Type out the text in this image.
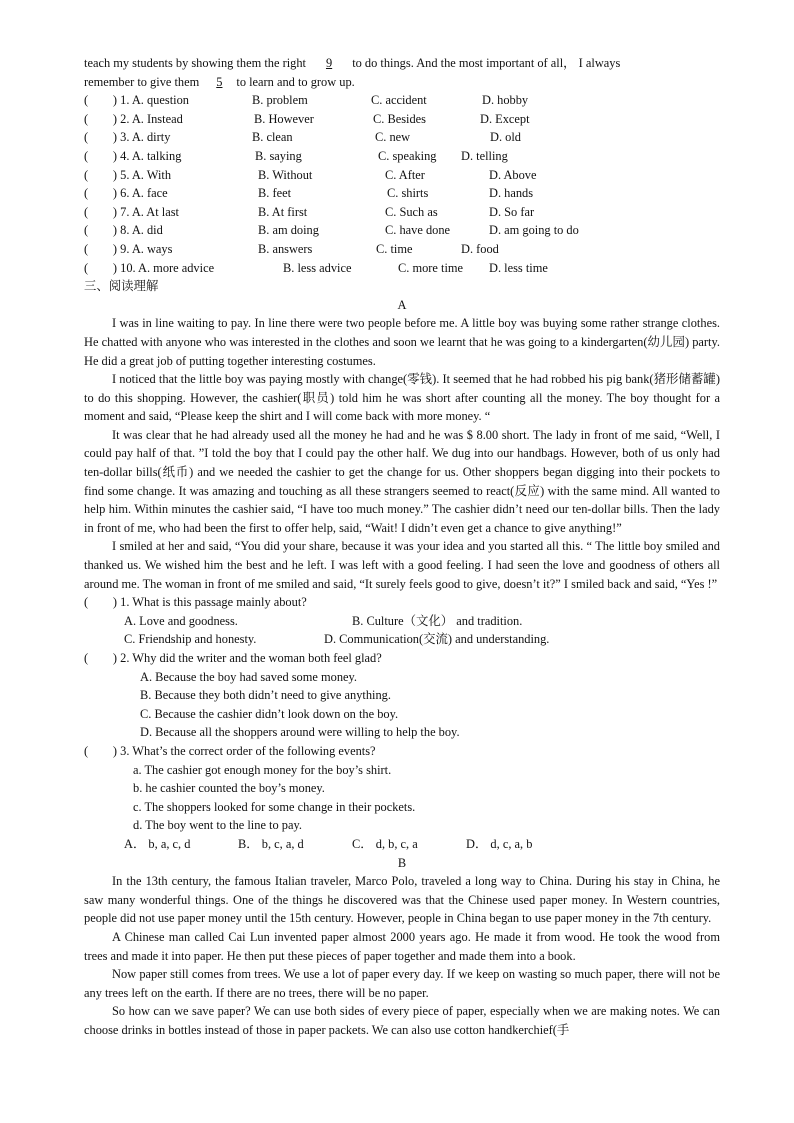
teach my students by showing them the right 9 to do things. And the most important of all， I always
remember to give them 5 to learn and to grow up.
(　　) 1. A. question	B. problem	C. accident	D. hobby
(　　) 2. A. Instead	B. However	C. Besides	D. Except
(　　) 3. A. dirty	B. clean	C. new	D. old
(　　) 4. A. talking	B. saying	C. speaking D. telling
(　　) 5. A. With	B. Without	C. After	D. Above
(　　) 6. A. face	B. feet	C. shirts	D. hands
(　　) 7. A. At last	B. At first	C. Such as	D. So far
(　　) 8. A. did	B. am doing	C. have done	D. am going to do
(　　) 9. A. ways	B. answers	C. time	D. food
(　　) 10. A. more advice	B. less advice	C. more time D. less time
三、阅读理解
A
I was in line waiting to pay. In line there were two people before me. A little boy was buying some rather strange clothes. He chatted with anyone who was interested in the clothes and soon we learnt that he was going to a kindergarten(幼儿园) party. He did a great job of putting together interesting costumes.
I noticed that the little boy was paying mostly with change(零钱). It seemed that he had robbed his pig bank(猪形储蓄罐) to do this shopping. However, the cashier(职员) told him he was short after counting all the money. The boy thought for a moment and said, “Please keep the shirt and I will come back with more money. “
It was clear that he had already used all the money he had and he was $ 8.00 short. The lady in front of me said, “Well, I could pay half of that. ”I told the boy that I could pay the other half. We dug into our handbags. However, both of us only had ten-dollar bills(纸币) and we needed the cashier to get the change for us. Other shoppers began digging into their pockets to find some change. It was amazing and touching as all these strangers seemed to react(反应) with the same mind. All wanted to help him. Within minutes the cashier said, “I have too much money.” The cashier didn’t need our ten-dollar bills. Then the lady in front of me, who had been the first to offer help, said, “Wait! I didn’t even get a chance to give anything!”
I smiled at her and said, “You did your share, because it was your idea and you started all this. “ The little boy smiled and thanked us. We wished him the best and he left. I was left with a good feeling. I had seen the love and goodness of others all around me. The woman in front of me smiled and said, “It surely feels good to give, doesn’t it?” I smiled back and said, “Yes !”
(　　) 1. What is this passage mainly about?
A. Love and goodness.	B. Culture（文化） and tradition.
C. Friendship and honesty.	D. Communication(交流) and understanding.
(　　) 2. Why did the writer and the woman both feel glad?
A. Because the boy had saved some money.
B. Because they both didn’t need to give anything.
C. Because the cashier didn’t look down on the boy.
D. Because all the shoppers around were willing to help the boy.
(　　) 3. What’s the correct order of the following events?
a. The cashier got enough money for the boy’s shirt.
b. he cashier counted the boy’s money.
c. The shoppers looked for some change in their pockets.
d. The boy went to the line to pay.
A． b, a, c, d	B． b, c, a, d	C． d, b, c, a	D． d, c, a, b
B
In the 13th century, the famous Italian traveler, Marco Polo, traveled a long way to China. During his stay in China, he saw many wonderful things. One of the things he discovered was that the Chinese used paper money. In Western countries, people did not use paper money until the 15th century. However, people in China began to use paper money in the 7th century.
A Chinese man called Cai Lun invented paper almost 2000 years ago. He made it from wood. He took the wood from trees and made it into paper. He then put these pieces of paper together and made them into a book.
Now paper still comes from trees. We use a lot of paper every day. If we keep on wasting so much paper, there will not be any trees left on the earth. If there are no trees, there will be no paper.
So how can we save paper? We can use both sides of every piece of paper, especially when we are making notes. We can choose drinks in bottles instead of those in paper packets. We can also use cotton handkerchief(手
